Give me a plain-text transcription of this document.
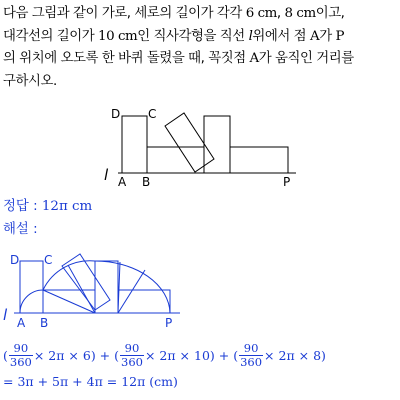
다음 그림과 같이 가로, 세로의 길이가 각각 6 cm, 8 cm이고,
대각선의 길이가 10 cm인 직사각형을 직선 l위에서 점 A가 P
의 위치에 오도록 한 바퀴 돌렸을 때, 꼭짓점 A가 움직인 거리를
구하시오.
D C
l A B	P
정답 : 12π cm
해설 :
D C
l A B	P
( $\frac{90}{360} \times 2\pi \times 6$) + ( $\frac{90}{360} \times 2\pi \times 10$) + ( $\frac{90}{360} \times 2\pi \times 8$)
= 3π + 5π + 4π = 12π (cm)
